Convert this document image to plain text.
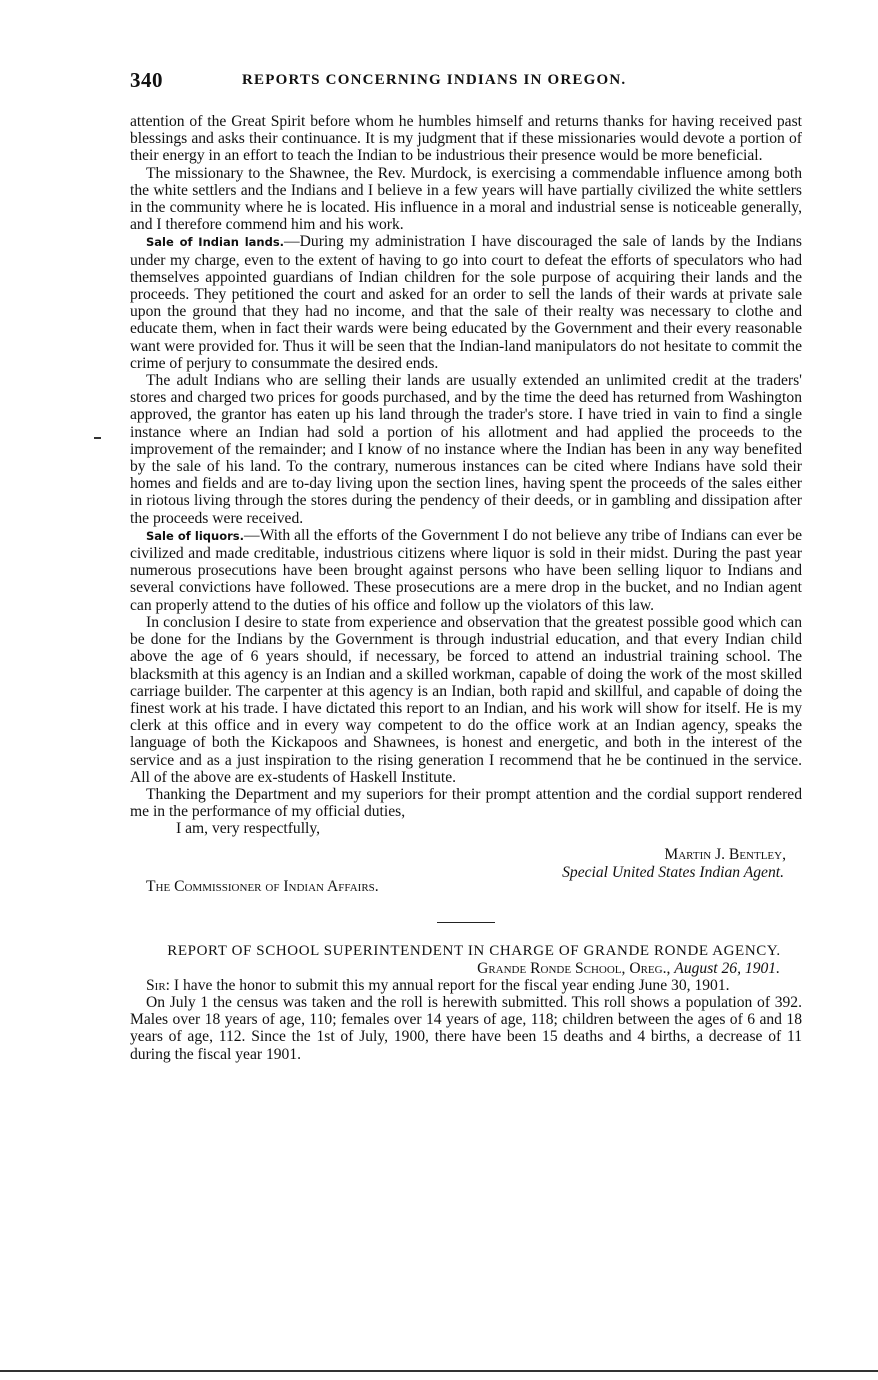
340	REPORTS CONCERNING INDIANS IN OREGON.

attention of the Great Spirit before whom he humbles himself and returns thanks for having received past blessings and asks their continuance. It is my judgment that if these missionaries would devote a portion of their energy in an effort to teach the Indian to be industrious their presence would be more beneficial.

The missionary to the Shawnee, the Rev. Murdock, is exercising a commendable influence among both the white settlers and the Indians and I believe in a few years will have partially civilized the white settlers in the community where he is located. His influence in a moral and industrial sense is noticeable generally, and I therefore commend him and his work.

Sale of Indian lands.—During my administration I have discouraged the sale of lands by the Indians under my charge, even to the extent of having to go into court to defeat the efforts of speculators who had themselves appointed guardians of Indian children for the sole purpose of acquiring their lands and the proceeds. They petitioned the court and asked for an order to sell the lands of their wards at private sale upon the ground that they had no income, and that the sale of their realty was necessary to clothe and educate them, when in fact their wards were being educated by the Government and their every reasonable want were provided for. Thus it will be seen that the Indian-land manipulators do not hesitate to commit the crime of perjury to consummate the desired ends.

The adult Indians who are selling their lands are usually extended an unlimited credit at the traders' stores and charged two prices for goods purchased, and by the time the deed has returned from Washington approved, the grantor has eaten up his land through the trader's store. I have tried in vain to find a single instance where an Indian had sold a portion of his allotment and had applied the proceeds to the improvement of the remainder; and I know of no instance where the Indian has been in any way benefited by the sale of his land. To the contrary, numerous instances can be cited where Indians have sold their homes and fields and are to-day living upon the section lines, having spent the proceeds of the sales either in riotous living through the stores during the pendency of their deeds, or in gambling and dissipation after the proceeds were received.

Sale of liquors.—With all the efforts of the Government I do not believe any tribe of Indians can ever be civilized and made creditable, industrious citizens where liquor is sold in their midst. During the past year numerous prosecutions have been brought against persons who have been selling liquor to Indians and several convictions have followed. These prosecutions are a mere drop in the bucket, and no Indian agent can properly attend to the duties of his office and follow up the violators of this law.

In conclusion I desire to state from experience and observation that the greatest possible good which can be done for the Indians by the Government is through industrial education, and that every Indian child above the age of 6 years should, if necessary, be forced to attend an industrial training school. The blacksmith at this agency is an Indian and a skilled workman, capable of doing the work of the most skilled carriage builder. The carpenter at this agency is an Indian, both rapid and skillful, and capable of doing the finest work at his trade. I have dictated this report to an Indian, and his work will show for itself. He is my clerk at this office and in every way competent to do the office work at an Indian agency, speaks the language of both the Kickapoos and Shawnees, is honest and energetic, and both in the interest of the service and as a just inspiration to the rising generation I recommend that he be continued in the service. All of the above are ex-students of Haskell Institute.

Thanking the Department and my superiors for their prompt attention and the cordial support rendered me in the performance of my official duties,

I am, very respectfully,
Martin J. Bentley,
Special United States Indian Agent.

The Commissioner of Indian Affairs.

REPORT OF SCHOOL SUPERINTENDENT IN CHARGE OF GRANDE RONDE AGENCY.

Grande Ronde School, Oreg., August 26, 1901.

Sir: I have the honor to submit this my annual report for the fiscal year ending June 30, 1901.

On July 1 the census was taken and the roll is herewith submitted. This roll shows a population of 392. Males over 18 years of age, 110; females over 14 years of age, 118; children between the ages of 6 and 18 years of age, 112. Since the 1st of July, 1900, there have been 15 deaths and 4 births, a decrease of 11 during the fiscal year 1901.
